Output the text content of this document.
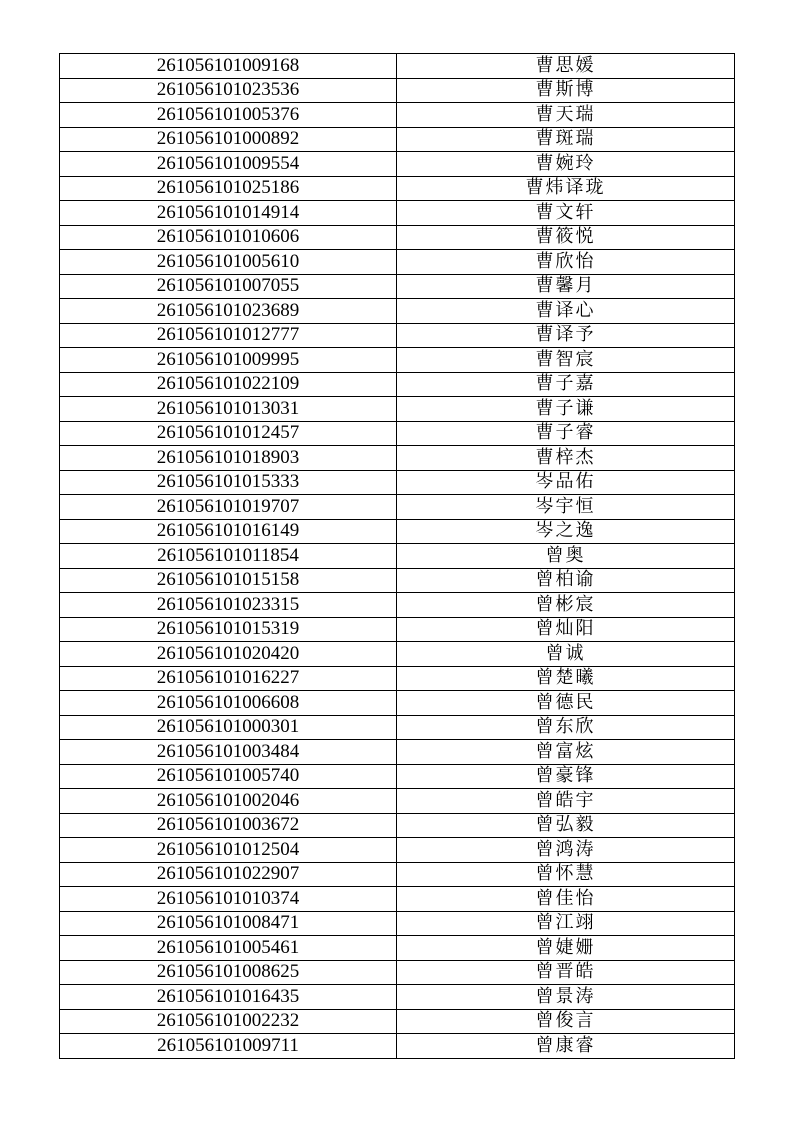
261056101009168	曹思媛
261056101023536	曹斯博
261056101005376	曹天瑞
261056101000892	曹斑瑞
261056101009554	曹婉玲
261056101025186	曹炜译珑
261056101014914	曹文轩
261056101010606	曹筱悦
261056101005610	曹欣怡
261056101007055	曹馨月
261056101023689	曹译心
261056101012777	曹译予
261056101009995	曹智宸
261056101022109	曹子嘉
261056101013031	曹子谦
261056101012457	曹子睿
261056101018903	曹梓杰
261056101015333	岑品佑
261056101019707	岑宇恒
261056101016149	岑之逸
261056101011854	曾奥
261056101015158	曾柏谕
261056101023315	曾彬宸
261056101015319	曾灿阳
261056101020420	曾诚
261056101016227	曾楚曦
261056101006608	曾德民
261056101000301	曾东欣
261056101003484	曾富炫
261056101005740	曾豪锋
261056101002046	曾皓宇
261056101003672	曾弘毅
261056101012504	曾鸿涛
261056101022907	曾怀慧
261056101010374	曾佳怡
261056101008471	曾江翊
261056101005461	曾婕姗
261056101008625	曾晋皓
261056101016435	曾景涛
261056101002232	曾俊言
261056101009711	曾康睿
